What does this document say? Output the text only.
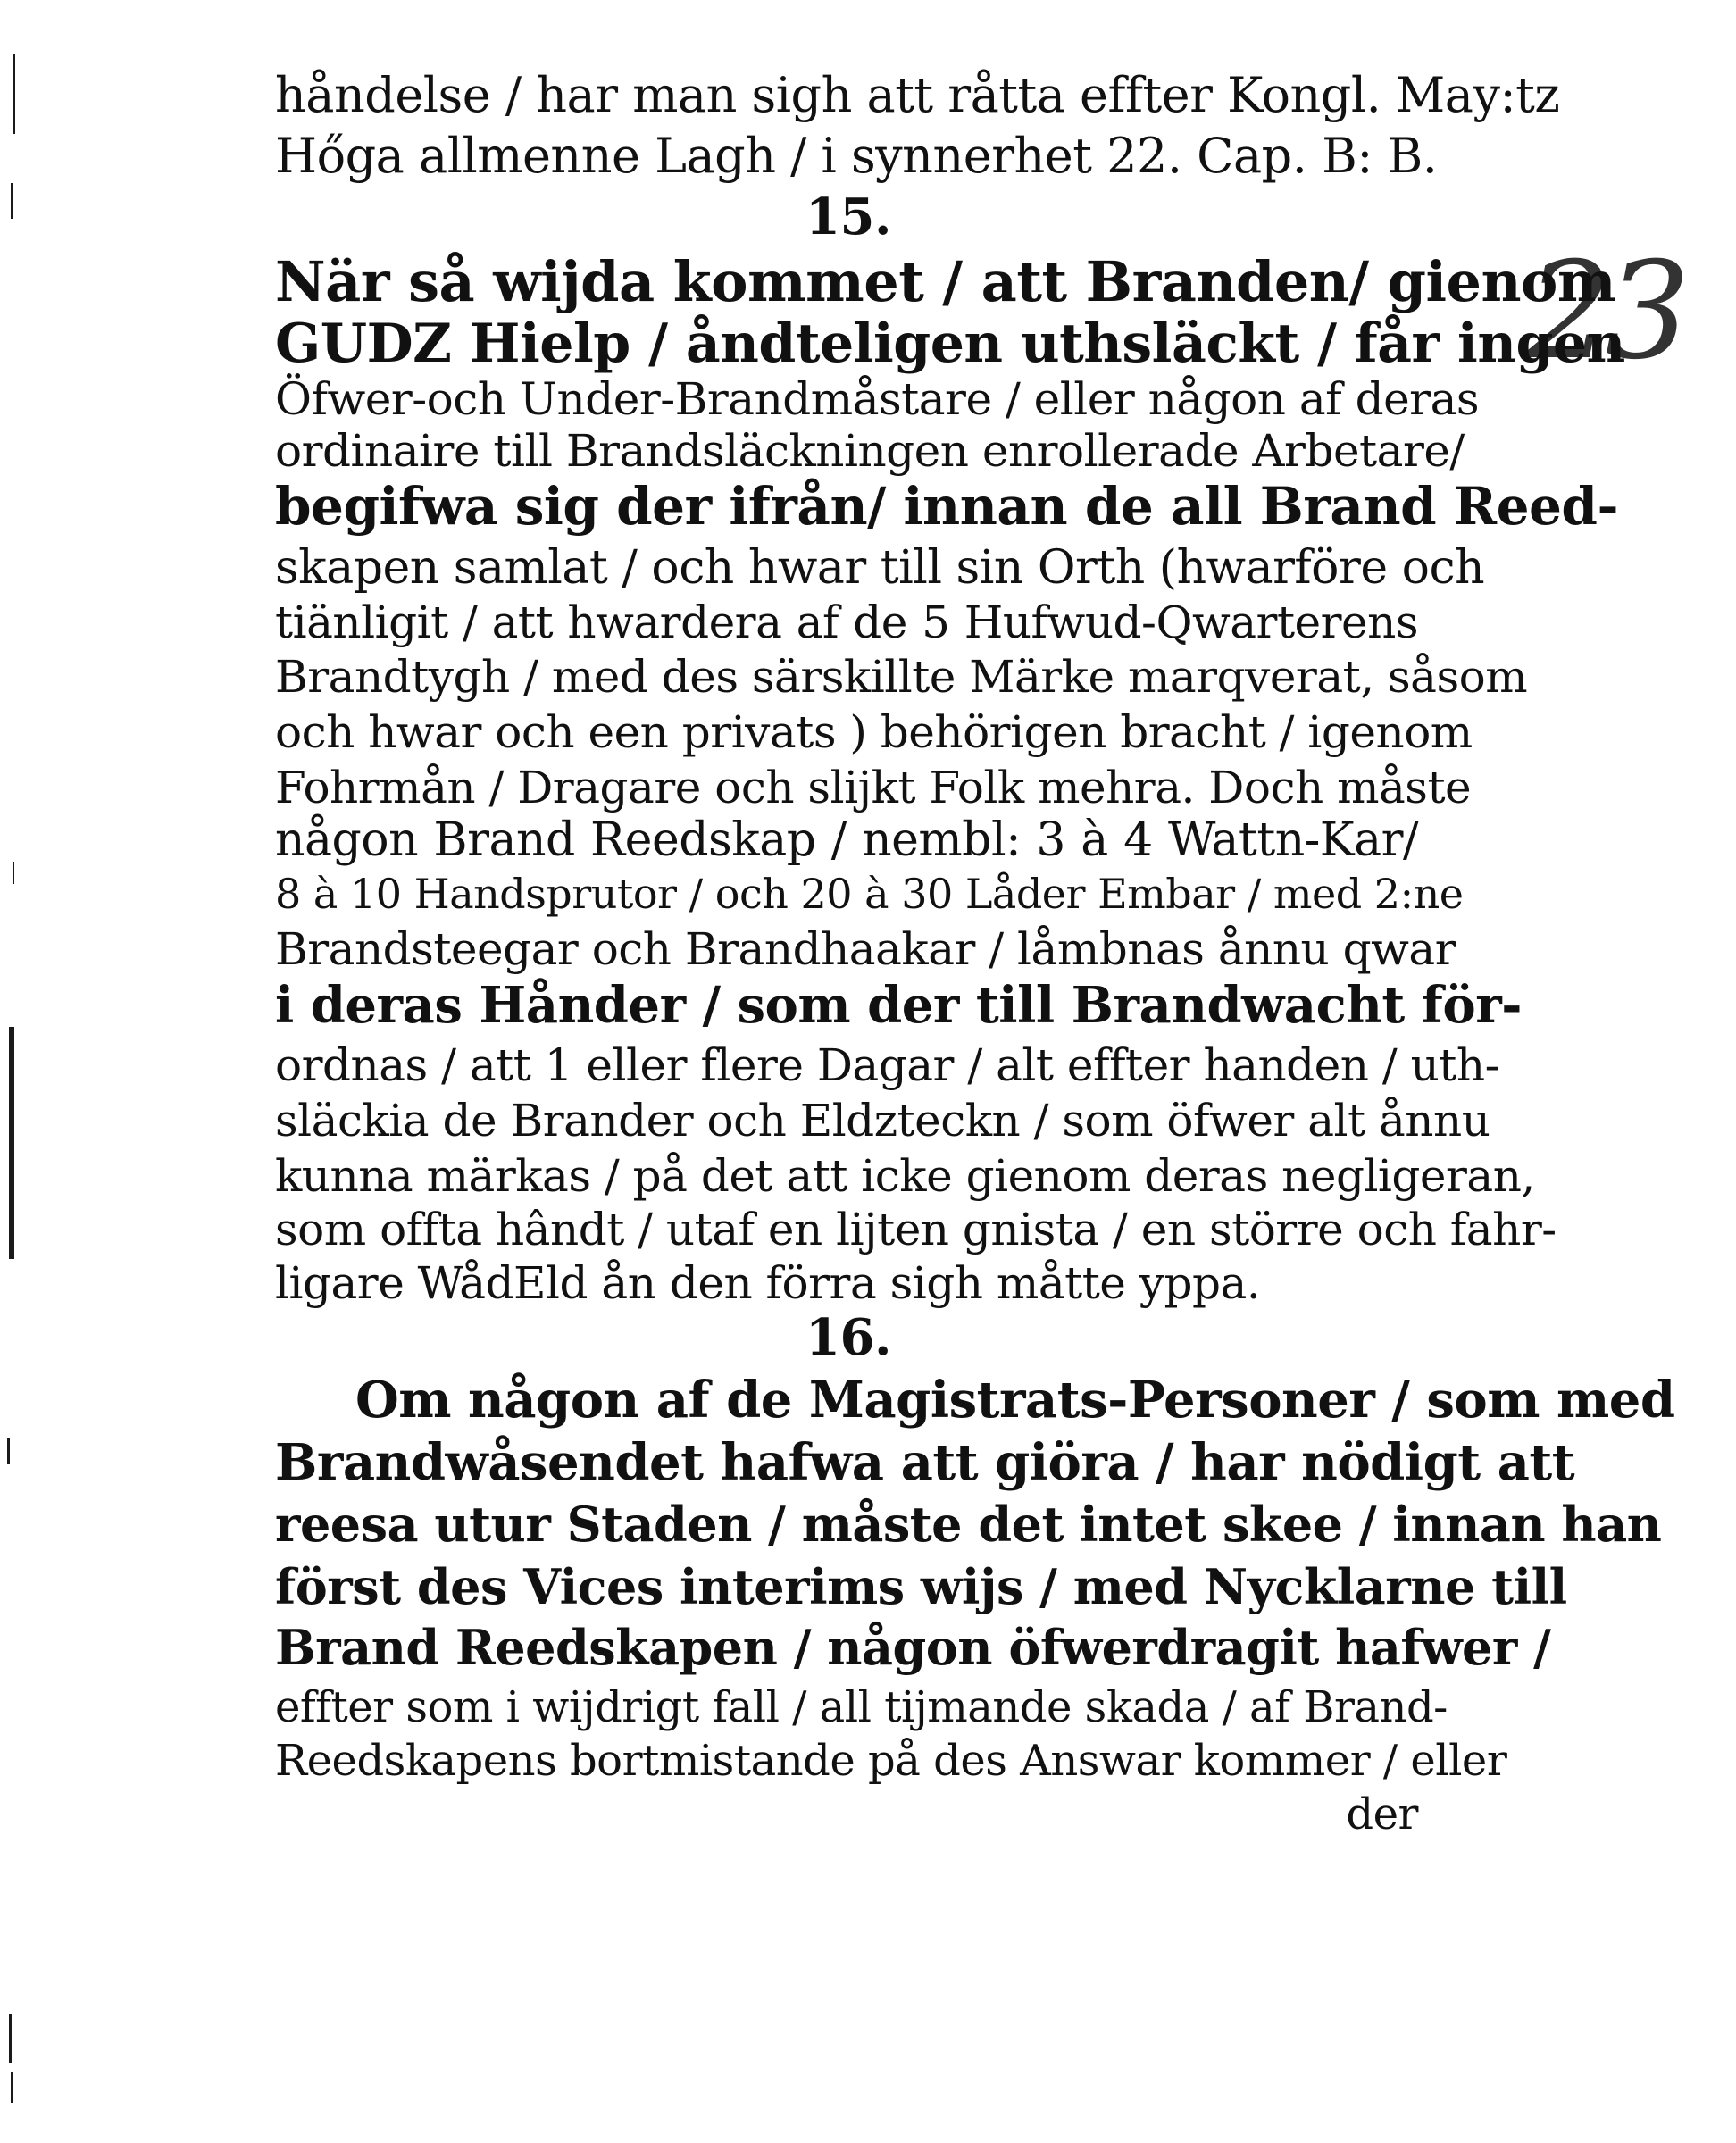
23
håndelse / har man sigh att råtta effter Kongl. May:tz
Hőga allmenne Lagh / i synnerhet 22. Cap. B: B.
15.
När så wijda kommet / att Branden/ gienom
GUDZ Hielp / åndteligen uthsläckt / får ingen
Öfwer-och Under-Brandmåstare / eller någon af deras
ordinaire till Brandsläckningen enrollerade Arbetare/
begifwa sig der ifrån/ innan de all Brand Reed-
skapen samlat / och hwar till sin Orth (hwarföre och
tiänligit / att hwardera af de 5 Hufwud-Qwarterens
Brandtygh / med des särskillte Märke marqverat, såsom
och hwar och een privats ) behörigen bracht / igenom
Fohrmån / Dragare och slijkt Folk mehra. Doch måste
någon Brand Reedskap / nembl: 3 à 4 Wattn-Kar/
8 à 10 Handsprutor / och 20 à 30 Låder Embar / med 2:ne
Brandsteegar och Brandhaakar / låmbnas ånnu qwar
i deras Hånder / som der till Brandwacht för-
ordnas / att 1 eller flere Dagar / alt effter handen / uth-
släckia de Brander och Eldzteckn / som öfwer alt ånnu
kunna märkas / på det att icke gienom deras negligeran,
som offta hândt / utaf en lijten gnista / en större och fahr-
ligare WådEld ån den förra sigh måtte yppa.
16.
Om någon af de Magistrats-Personer / som med
Brandwåsendet hafwa att giöra / har nödigt att
reesa utur Staden / måste det intet skee / innan han
först des Vices interims wijs / med Nycklarne till
Brand Reedskapen / någon öfwerdragit hafwer /
effter som i wijdrigt fall / all tijmande skada / af Brand-
Reedskapens bortmistande på des Answar kommer / eller
der
